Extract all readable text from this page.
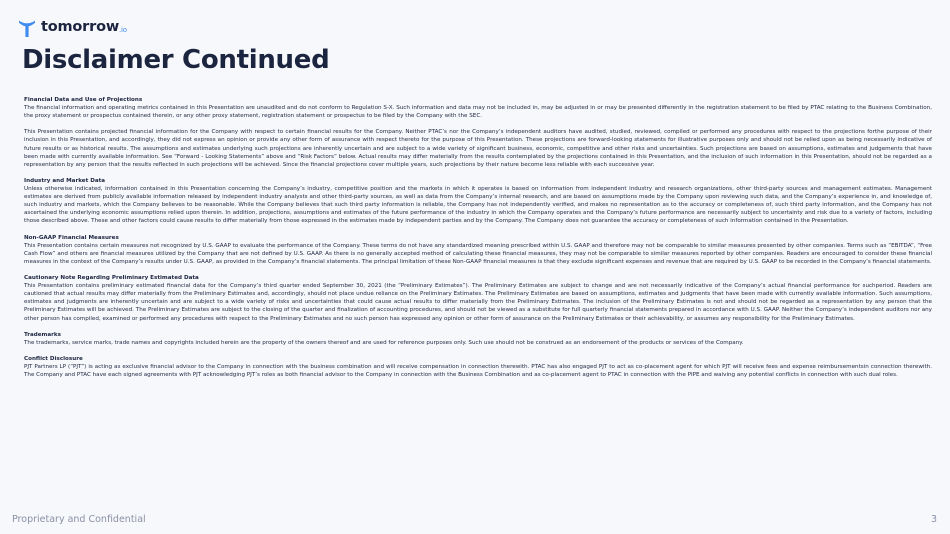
tomorrow.io
Disclaimer Continued
Financial Data and Use of Projections

The financial information and operating metrics contained in this Presentation are unaudited and do not conform to Regulation S-X. Such information and data may not be included in, may be adjusted in or may be presented differently in the registration statement to be filed by PTAC relating to the Business Combination, the proxy statement or prospectus contained therein, or any other proxy statement, registration statement or prospectus to be filed by the Company with the SEC.

This Presentation contains projected financial information for the Company with respect to certain financial results for the Company. Neither PTAC’s nor the Company’s independent auditors have audited, studied, reviewed, compiled or performed any procedures with respect to the projections forthe purpose of their inclusion in this Presentation, and accordingly, they did not express an opinion or provide any other form of assurance with respect thereto for the purpose of this Presentation. These projections are forward-looking statements for illustrative purposes only and should not be relied upon as being necessarily indicative of future results or as historical results. The assumptions and estimates underlying such projections are inherently uncertain and are subject to a wide variety of significant business, economic, competitive and other risks and uncertainties. Such projections are based on assumptions, estimates and judgements that have been made with currently available information. See “Forward - Looking Statements” above and “Risk Factors” below. Actual results may differ materially from the results contemplated by the projections contained in this Presentation, and the inclusion of such information in this Presentation, should not be regarded as a representation by any person that the results reflected in such projections will be achieved. Since the financial projections cover multiple years, such projections by their nature become less reliable with each successive year.

Industry and Market Data

Unless otherwise indicated, information contained in this Presentation concerning the Company’s industry, competitive position and the markets in which it operates is based on information from independent industry and research organizations, other third-party sources and management estimates. Management estimates are derived from publicly available information released by independent industry analysts and other third-party sources, as well as data from the Company’s internal research, and are based on assumptions made by the Company upon reviewing such data, and the Company’s experience in, and knowledge of, such industry and markets, which the Company believes to be reasonable. While the Company believes that such third party information is reliable, the Company has not independently verified, and makes no representation as to the accuracy or completeness of, such third party information, and the Company has not ascertained the underlying economic assumptions relied upon therein. In addition, projections, assumptions and estimates of the future performance of the industry in which the Company operates and the Company’s future performance are necessarily subject to uncertainty and risk due to a variety of factors, including those described above. These and other factors could cause results to differ materially from those expressed in the estimates made by independent parties and by the Company. The Company does not guarantee the accuracy or completeness of such information contained in the Presentation.

Non-GAAP Financial Measures

This Presentation contains certain measures not recognized by U.S. GAAP to evaluate the performance of the Company. These terms do not have any standardized meaning prescribed within U.S. GAAP and therefore may not be comparable to similar measures presented by other companies. Terms such as “EBITDA”, “Free Cash Flow” and others are financial measures utilized by the Company that are not defined by U.S. GAAP. As there is no generally accepted method of calculating these financial measures, they may not be comparable to similar measures reported by other companies. Readers are encouraged to consider these financial measures in the context of the Company’s results under U.S. GAAP, as provided in the Company’s financial statements. The principal limitation of these Non-GAAP financial measures is that they exclude significant expenses and revenue that are required by U.S. GAAP to be recorded in the Company’s financial statements.

Cautionary Note Regarding Preliminary Estimated Data

This Presentation contains preliminary estimated financial data for the Company’s third quarter ended September 30, 2021 (the “Preliminary Estimates”). The Preliminary Estimates are subject to change and are not necessarily indicative of the Company’s actual financial performance for suchperiod. Readers are cautioned that actual results may differ materially from the Preliminary Estimates and, accordingly, should not place undue reliance on the Preliminary Estimates. The Preliminary Estimates are based on assumptions, estimates and judgments that have been made with currently available information. Such assumptions, estimates and judgments are inherently uncertain and are subject to a wide variety of risks and uncertainties that could cause actual results to differ materially from the Preliminary Estimates. The inclusion of the Preliminary Estimates is not and should not be regarded as a representation by any person that the Preliminary Estimates will be achieved. The Preliminary Estimates are subject to the closing of the quarter and finalization of accounting procedures, and should not be viewed as a substitute for full quarterly financial statements prepared in accordance with U.S. GAAP. Neither the Company’s independent auditors nor any other person has compiled, examined or performed any procedures with respect to the Preliminary Estimates and no such person has expressed any opinion or other form of assurance on the Preliminary Estimates or their achievability, or assumes any responsibility for the Preliminary Estimates.

Trademarks

The trademarks, service marks, trade names and copyrights included herein are the property of the owners thereof and are used for reference purposes only. Such use should not be construed as an endorsement of the products or services of the Company.

Conflict Disclosure

PJT Partners LP (“PJT”) is acting as exclusive financial advisor to the Company in connection with the business combination and will receive compensation in connection therewith. PTAC has also engaged PJT to act as co-placement agent for which PJT will receive fees and expense reimbursementsin connection therewith. The Company and PTAC have each signed agreements with PJT acknowledging PJT’s roles as both financial advisor to the Company in connection with the Business Combination and as co-placement agent to PTAC in connection with the PIPE and waiving any potential conflicts in connection with such dual roles.

Proprietary and Confidential	3
